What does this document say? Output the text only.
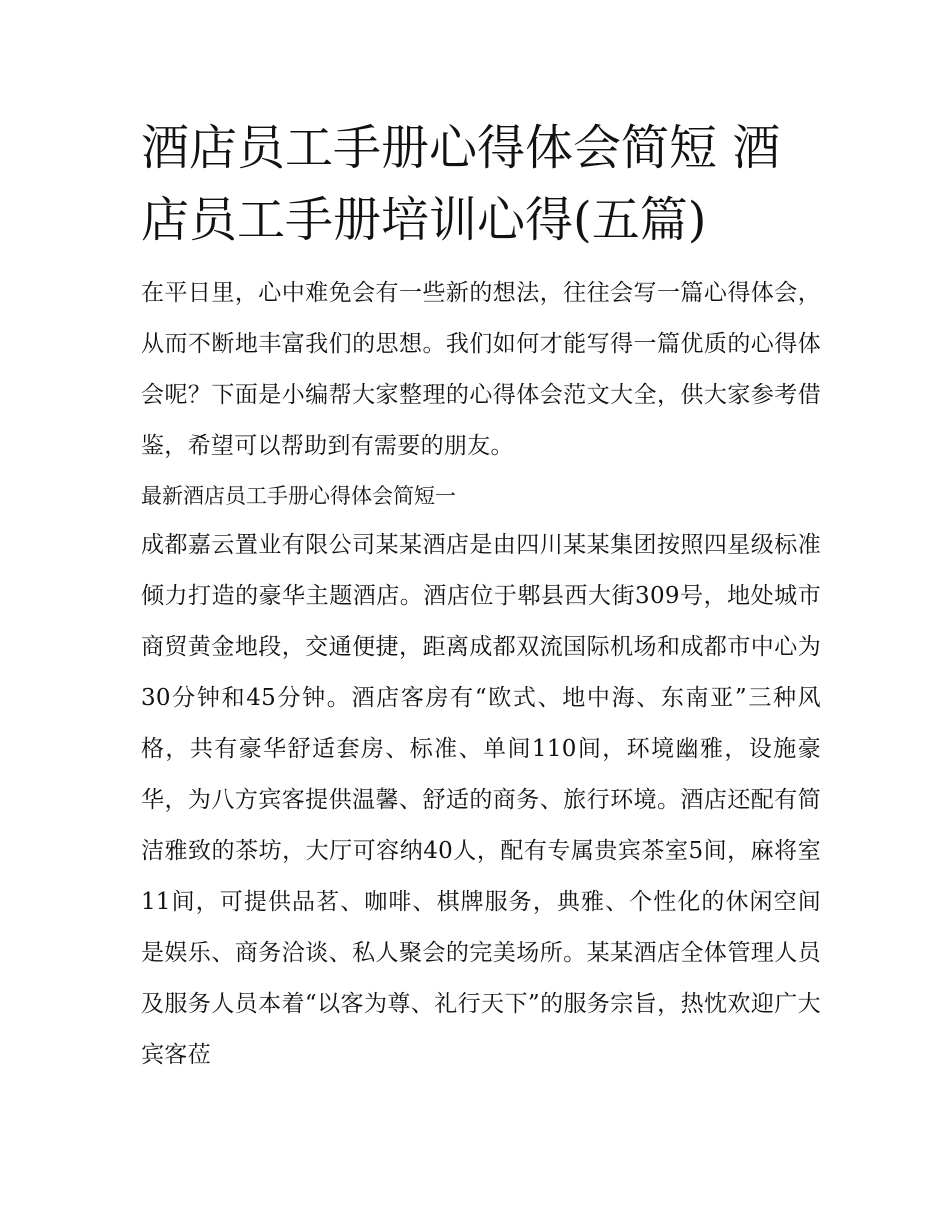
酒店员工手册心得体会简短 酒店员工手册培训心得(五篇)

在平日里，心中难免会有一些新的想法，往往会写一篇心得体会，从而不断地丰富我们的思想。我们如何才能写得一篇优质的心得体会呢？下面是小编帮大家整理的心得体会范文大全，供大家参考借鉴，希望可以帮助到有需要的朋友。

最新酒店员工手册心得体会简短一

成都嘉云置业有限公司某某酒店是由四川某某集团按照四星级标准倾力打造的豪华主题酒店。酒店位于郫县西大街309号，地处城市商贸黄金地段，交通便捷，距离成都双流国际机场和成都市中心为30分钟和45分钟。酒店客房有“欧式、地中海、东南亚”三种风格，共有豪华舒适套房、标准、单间110间，环境幽雅，设施豪华，为八方宾客提供温馨、舒适的商务、旅行环境。酒店还配有简洁雅致的茶坊，大厅可容纳40人，配有专属贵宾茶室5间，麻将室11间，可提供品茗、咖啡、棋牌服务，典雅、个性化的休闲空间是娱乐、商务洽谈、私人聚会的完美场所。某某酒店全体管理人员及服务人员本着“以客为尊、礼行天下”的服务宗旨，热忱欢迎广大宾客莅
